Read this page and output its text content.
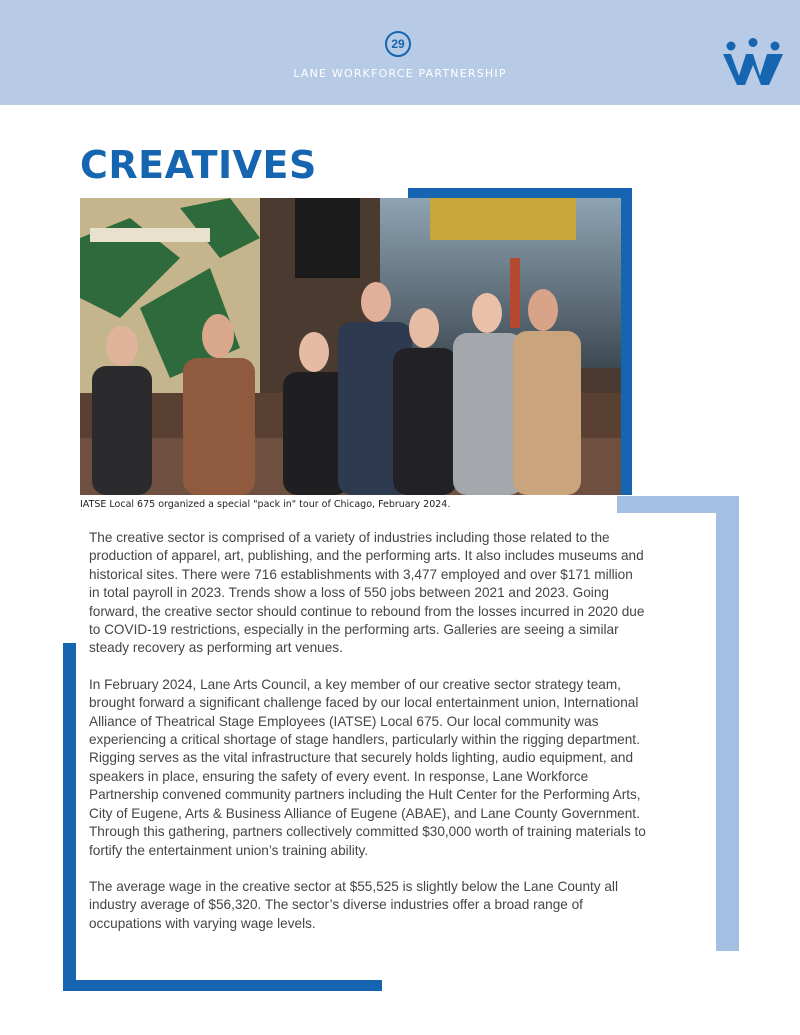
29
LANE WORKFORCE PARTNERSHIP
CREATIVES
IATSE Local 675 organized a special "pack in" tour of Chicago, February 2024.

The creative sector is comprised of a variety of industries including those related to the production of apparel, art, publishing, and the performing arts. It also includes museums and historical sites. There were 716 establishments with 3,477 employed and over $171 million in total payroll in 2023. Trends show a loss of 550 jobs between 2021 and 2023. Going forward, the creative sector should continue to rebound from the losses incurred in 2020 due to COVID-19 restrictions, especially in the performing arts. Galleries are seeing a similar steady recovery as performing art venues.

In February 2024, Lane Arts Council, a key member of our creative sector strategy team, brought forward a significant challenge faced by our local entertainment union, International Alliance of Theatrical Stage Employees (IATSE) Local 675. Our local community was experiencing a critical shortage of stage handlers, particularly within the rigging department. Rigging serves as the vital infrastructure that securely holds lighting, audio equipment, and speakers in place, ensuring the safety of every event. In response, Lane Workforce Partnership convened community partners including the Hult Center for the Performing Arts, City of Eugene, Arts & Business Alliance of Eugene (ABAE), and Lane County Government. Through this gathering, partners collectively committed $30,000 worth of training materials to fortify the entertainment union’s training ability.

The average wage in the creative sector at $55,525 is slightly below the Lane County all industry average of $56,320. The sector’s diverse industries offer a broad range of occupations with varying wage levels.
